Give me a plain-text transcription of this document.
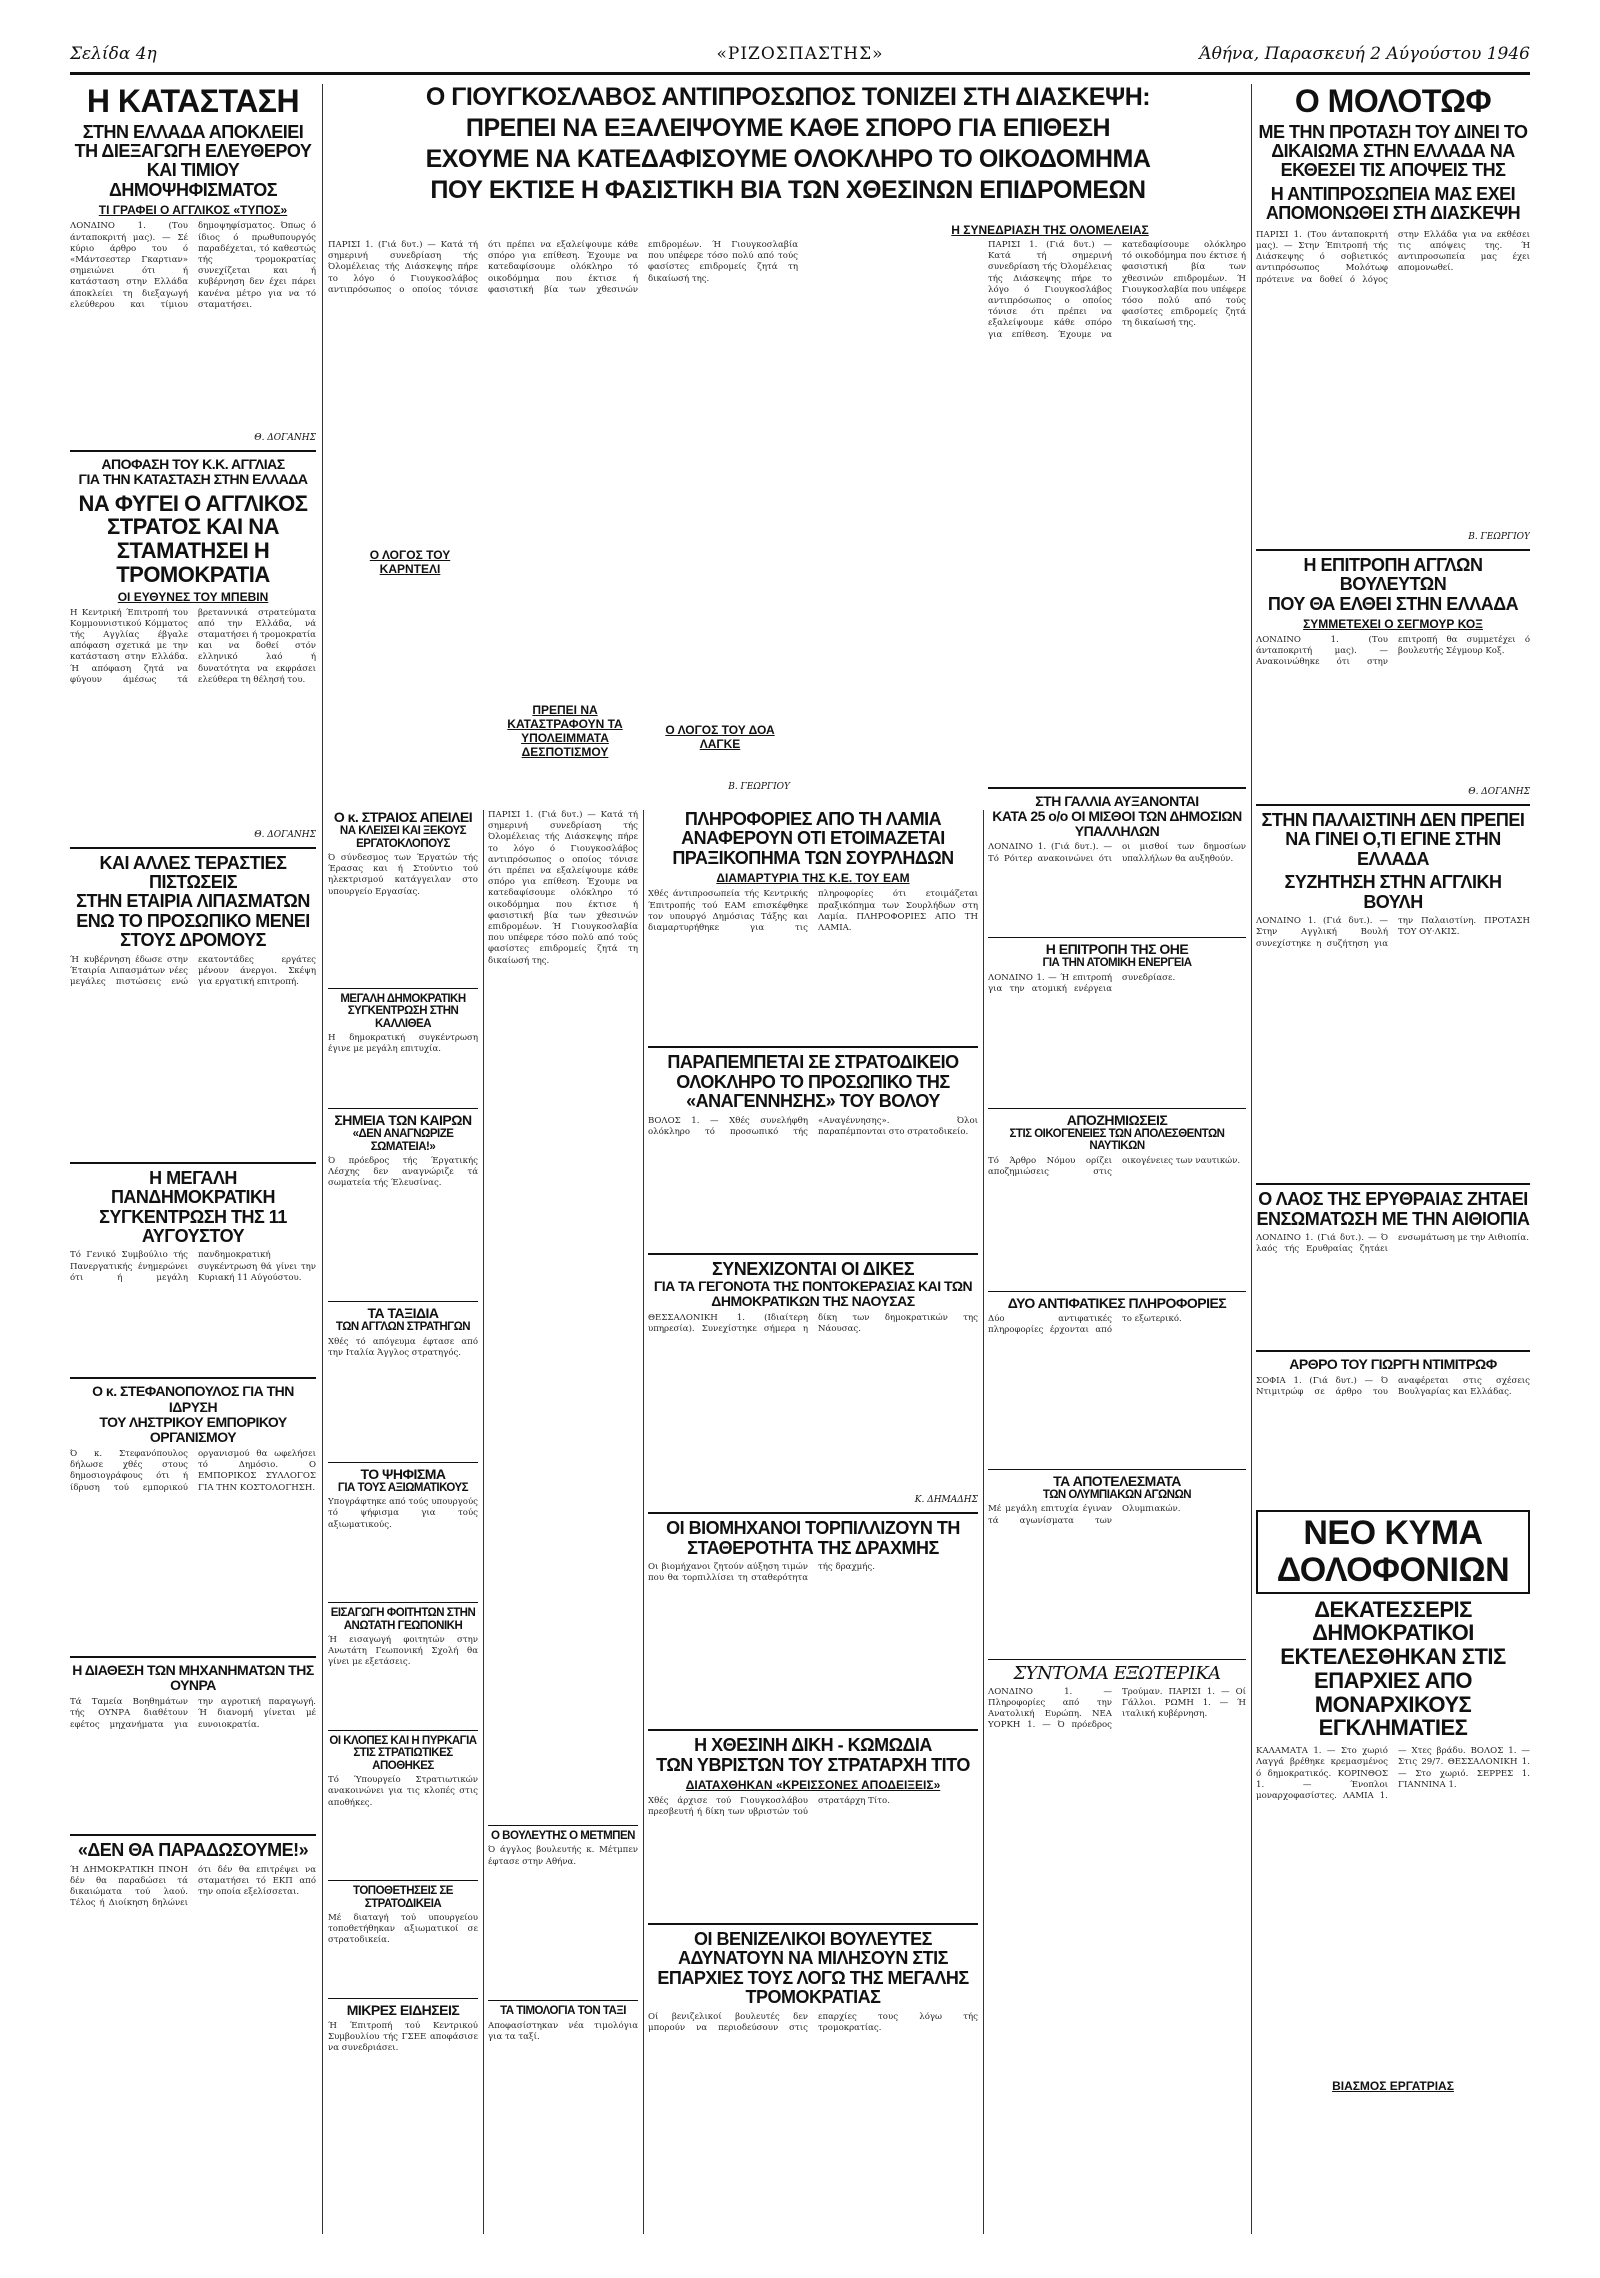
Σελίδα 4η	«ΡΙΖΟΣΠΑΣΤΗΣ»	Άθήνα, Παρασκευή 2 Αύγούστου 1946
Η ΚΑΤΑΣΤΑΣΗ
ΣΤΗΝ ΕΛΛΑΔΑ ΑΠΟΚΛΕΙΕΙ ΤΗ ΔΙΕΞΑΓΩΓΗ ΕΛΕΥΘΕΡΟΥ ΚΑΙ ΤΙΜΙΟΥ ΔΗΜΟΨΗΦΙΣΜΑΤΟΣ
ΤΙ ΓΡΑΦΕΙ Ο ΑΓΓΛΙΚΟΣ «ΤΥΠΟΣ»
ΛΟΝΔΙΝΟ 1. (Του άνταποκριτή μας). — Σέ κύριο άρθρο του ό «Μάντσεστερ Γκαρτιαν» σημειώνει ότι ή κατάσταση στην Ελλάδα άποκλείει τη διεξαγωγή ελεύθερου και τίμιου δημοψηφίσματος. Όπως ό ίδιος ό πρωθυπουργός παραδέχεται, τό καθεστώς τής τρομοκρατίας συνεχίζεται και ή κυβέρνηση δεν έχει πάρει κανένα μέτρο για να τό σταματήσει.
Θ. ΔΟΓΑΝΗΣ
ΑΠΟΦΑΣΗ ΤΟΥ Κ.Κ. ΑΓΓΛΙΑΣ
ΓΙΑ ΤΗΝ ΚΑΤΑΣΤΑΣΗ ΣΤΗΝ ΕΛΛΑΔΑ
ΝΑ ΦΥΓΕΙ Ο ΑΓΓΛΙΚΟΣ ΣΤΡΑΤΟΣ ΚΑΙ ΝΑ ΣΤΑΜΑΤΗΣΕΙ Η ΤΡΟΜΟΚΡΑΤΙΑ
ΟΙ ΕΥΘΥΝΕΣ ΤΟΥ ΜΠΕΒΙΝ
Η Κεντρική Έπιτροπή του Κομμουνιστικού Κόμματος τής Αγγλίας έβγαλε απόφαση σχετικά με την κατάσταση στην Ελλάδα. Ή απόφαση ζητά να φύγουν άμέσως τά βρεταννικά στρατεύματα από την Ελλάδα, νά σταματήσει ή τρομοκρατία και να δοθεί στόν ελληνικό λαό ή δυνατότητα να εκφράσει ελεύθερα τη θέλησή του.
Θ. ΔΟΓΑΝΗΣ
ΚΑΙ ΑΛΛΕΣ ΤΕΡΑΣΤΙΕΣ ΠΙΣΤΩΣΕΙΣ
ΣΤΗΝ ΕΤΑΙΡΙΑ ΛΙΠΑΣΜΑΤΩΝ ΕΝΩ ΤΟ ΠΡΟΣΩΠΙΚΟ ΜΕΝΕΙ ΣΤΟΥΣ ΔΡΟΜΟΥΣ
Ή κυβέρνηση έδωσε στην Έταιρία Λιπασμάτων νέες μεγάλες πιστώσεις ενώ εκατοντάδες εργάτες μένουν άνεργοι. Σκέψη για εργατική επιτροπή.
Η ΜΕΓΑΛΗ ΠΑΝΔΗΜΟΚΡΑΤΙΚΗ
ΣΥΓΚΕΝΤΡΩΣΗ ΤΗΣ 11 ΑΥΓΟΥΣΤΟΥ
Τό Γενικό Συμβούλιο τής Πανεργατικής ένημερώνει ότι ή μεγάλη πανδημοκρατική συγκέντρωση θά γίνει την Κυριακή 11 Αύγούστου.
Ο κ. ΣΤΕΦΑΝΟΠΟΥΛΟΣ ΓΙΑ ΤΗΝ ΙΔΡΥΣΗ
ΤΟΥ ΛΗΣΤΡΙΚΟΥ ΕΜΠΟΡΙΚΟΥ ΟΡΓΑΝΙΣΜΟΥ
Ό κ. Στεφανόπουλος δήλωσε χθές στους δημοσιογράφους ότι ή ίδρυση τού εμπορικού οργανισμού θα ωφελήσει τό Δημόσιο. Ο ΕΜΠΟΡΙΚΟΣ ΣΥΛΛΟΓΟΣ ΓΙΑ ΤΗΝ ΚΟΣΤΟΛΟΓΗΣΗ.
Η ΔΙΑΘΕΣΗ ΤΩΝ ΜΗΧΑΝΗΜΑΤΩΝ ΤΗΣ ΟΥΝΡΑ
Τά Ταμεία Βοηθημάτων τής ΟΥΝΡΑ διαθέτουν εφέτος μηχανήματα για την αγροτική παραγωγή. Ή διανομή γίνεται μέ ευνοιοκρατία.
«ΔΕΝ ΘΑ ΠΑΡΑΔΩΣΟΥΜΕ!»
Ή ΔΗΜΟΚΡΑΤΙΚΗ ΠΝΟΗ δέν θα παραδώσει τά δικαιώματα τού λαού. Τέλος ή Διοίκηση δηλώνει ότι δέν θα επιτρέψει να σταματήσει τό ΕΚΠ από την οποία εξελίσσεται.
Ο ΓΙΟΥΓΚΟΣΛΑΒΟΣ ΑΝΤΙΠΡΟΣΩΠΟΣ ΤΟΝΙΖΕΙ ΣΤΗ ΔΙΑΣΚΕΨΗ:
ΠΡΕΠΕΙ ΝΑ ΕΞΑΛΕΙΨΟΥΜΕ ΚΑΘΕ ΣΠΟΡΟ ΓΙΑ ΕΠΙΘΕΣΗ
ΕΧΟΥΜΕ ΝΑ ΚΑΤΕΔΑΦΙΣΟΥΜΕ ΟΛΟΚΛΗΡΟ ΤΟ ΟΙΚΟΔΟΜΗΜΑ
ΠΟΥ ΕΚΤΙΣΕ Η ΦΑΣΙΣΤΙΚΗ ΒΙΑ ΤΩΝ ΧΘΕΣΙΝΩΝ ΕΠΙΔΡΟΜΕΩΝ
Η ΣΥΝΕΔΡΙΑΣΗ ΤΗΣ ΟΛΟΜΕΛΕΙΑΣ
ΠΑΡΙΣΙ 1. (Γιά δυτ.) — Κατά τή σημερινή συνεδρίαση τής Όλομέλειας τής Διάσκεψης πήρε το λόγο ό Γιουγκοσλάβος αντιπρόσωπος ο οποίος τόνισε ότι πρέπει να εξαλείψουμε κάθε σπόρο για επίθεση. Έχουμε να κατεδαφίσουμε ολόκληρο τό οικοδόμημα που έκτισε ή φασιστική βία των χθεσινών επιδρομέων. Ή Γιουγκοσλαβία που υπέφερε τόσο πολύ από τούς φασίστες επιδρομείς ζητά τη δικαίωσή της.
Ο ΛΟΓΟΣ ΤΟΥ ΚΑΡΝΤΕΛΙ
ΠΡΕΠΕΙ ΝΑ ΚΑΤΑΣΤΡΑΦΟΥΝ ΤΑ ΥΠΟΛΕΙΜΜΑΤΑ ΔΕΣΠΟΤΙΣΜΟΥ
Ο ΛΟΓΟΣ ΤΟΥ ΔΟΑ ΛΑΓΚΕ
Β. ΓΕΩΡΓΙΟΥ
Ο κ. ΣΤΡΑΙΟΣ ΑΠΕΙΛΕΙ
ΝΑ ΚΛΕΙΣΕΙ ΚΑΙ ΞΕΚΟΥΣ ΕΡΓΑΤΟΚΛΟΠΟΥΣ
Ό σύνδεσμος των Έργατών τής Έρασας και ή Στούντιο τού ηλεκτρισμού κατάγγειλαν στο υπουργείο Εργασίας.
ΜΕΓΑΛΗ ΔΗΜΟΚΡΑΤΙΚΗ ΣΥΓΚΕΝΤΡΩΣΗ ΣΤΗΝ ΚΑΛΛΙΘΕΑ
Η δημοκρατική συγκέντρωση έγινε με μεγάλη επιτυχία.
ΣΗΜΕΙΑ ΤΩΝ ΚΑΙΡΩΝ
«ΔΕΝ ΑΝΑΓΝΩΡΙΖΕ ΣΩΜΑΤΕΙΑ!»
Ό πρόεδρος τής Έργατικής Λέσχης δεν αναγνώριζε τά σωματεία τής Έλευσίνας.
ΤΑ ΤΑΞΙΔΙΑ
ΤΩΝ ΑΓΓΛΩΝ ΣΤΡΑΤΗΓΩΝ
Χθές τό απόγευμα έφτασε από την Ιταλία Άγγλος στρατηγός.
ΤΟ ΨΗΦΙΣΜΑ
ΓΙΑ ΤΟΥΣ ΑΞΙΩΜΑΤΙΚΟΥΣ
Υπογράφτηκε από τούς υπουργούς τό ψήφισμα για τούς αξιωματικούς.
ΕΙΣΑΓΩΓΗ ΦΟΙΤΗΤΩΝ ΣΤΗΝ ΑΝΩΤΑΤΗ ΓΕΩΠΟΝΙΚΗ
Ή εισαγωγή φοιτητών στην Ανωτάτη Γεωπονική Σχολή θα γίνει με εξετάσεις.
ΟΙ ΚΛΟΠΕΣ ΚΑΙ Η ΠΥΡΚΑΓΙΑ ΣΤΙΣ ΣΤΡΑΤΙΩΤΙΚΕΣ ΑΠΟΘΗΚΕΣ
Τό Ύπουργείο Στρατιωτικών ανακοινώνει για τις κλοπές στις αποθήκες.
ΤΟΠΟΘΕΤΗΣΕΙΣ ΣΕ ΣΤΡΑΤΟΔΙΚΕΙΑ
Μέ διαταγή τού υπουργείου τοποθετήθηκαν αξιωματικοί σε στρατοδικεία.
ΜΙΚΡΕΣ ΕΙΔΗΣΕΙΣ
Ή Έπιτροπή τού Κεντρικού Συμβουλίου τής ΓΣΕΕ αποφάσισε να συνεδριάσει.
ΠΑΡΙΣΙ 1. (Γιά δυτ.) — Κατά τή σημερινή συνεδρίαση τής Όλομέλειας τής Διάσκεψης πήρε το λόγο ό Γιουγκοσλάβος αντιπρόσωπος ο οποίος τόνισε ότι πρέπει να εξαλείψουμε κάθε σπόρο για επίθεση. Έχουμε να κατεδαφίσουμε ολόκληρο τό οικοδόμημα που έκτισε ή φασιστική βία των χθεσινών επιδρομέων. Ή Γιουγκοσλαβία που υπέφερε τόσο πολύ από τούς φασίστες επιδρομείς ζητά τη δικαίωσή της.
Ο ΒΟΥΛΕΥΤΗΣ Ο ΜΕΤΜΠΕΝ
Ό άγγλος βουλευτής κ. Μέτμπεν έφτασε στην Αθήνα.
ΤΑ ΤΙΜΟΛΟΓΙΑ ΤΟΝ ΤΑΞΙ
Αποφασίστηκαν νέα τιμολόγια για τα ταξί.
ΠΛΗΡΟΦΟΡΙΕΣ ΑΠΟ ΤΗ ΛΑΜΙΑ
ΑΝΑΦΕΡΟΥΝ ΟΤΙ ΕΤΟΙΜΑΖΕΤΑΙ ΠΡΑΞΙΚΟΠΗΜΑ ΤΩΝ ΣΟΥΡΛΗΔΩΝ
ΔΙΑΜΑΡΤΥΡΙΑ ΤΗΣ Κ.Ε. ΤΟΥ ΕΑΜ
Χθές άντιπροσωπεία τής Κεντρικής Έπιτροπής τού ΕΑΜ επισκέφθηκε τον υπουργό Δημόσιας Τάξης και διαμαρτυρήθηκε για τις πληροφορίες ότι ετοιμάζεται πραξικόπημα των Σουρλήδων στη Λαμία. ΠΛΗΡΟΦΟΡΙΕΣ ΑΠΟ ΤΗ ΛΑΜΙΑ.
ΠΑΡΑΠΕΜΠΕΤΑΙ ΣΕ ΣΤΡΑΤΟΔΙΚΕΙΟ ΟΛΟΚΛΗΡΟ ΤΟ ΠΡΟΣΩΠΙΚΟ ΤΗΣ «ΑΝΑΓΕΝΝΗΣΗΣ» ΤΟΥ ΒΟΛΟΥ
ΒΟΛΟΣ 1. — Χθές συνελήφθη ολόκληρο τό προσωπικό τής «Αναγέννησης». Όλοι παραπέμπονται στο στρατοδικείο.
ΣΥΝΕΧΙΖΟΝΤΑΙ ΟΙ ΔΙΚΕΣ
ΓΙΑ ΤΑ ΓΕΓΟΝΟΤΑ ΤΗΣ ΠΟΝΤΟΚΕΡΑΣΙΑΣ ΚΑΙ ΤΩΝ ΔΗΜΟΚΡΑΤΙΚΩΝ ΤΗΣ ΝΑΟΥΣΑΣ
ΘΕΣΣΑΛΟΝΙΚΗ 1. (Ιδιαίτερη υπηρεσία). Συνεχίστηκε σήμερα η δίκη των δημοκρατικών της Νάουσας.
Κ. ΔΗΜΑΔΗΣ
ΟΙ ΒΙΟΜΗΧΑΝΟΙ ΤΟΡΠΙΛΛΙΖΟΥΝ ΤΗ ΣΤΑΘΕΡΟΤΗΤΑ ΤΗΣ ΔΡΑΧΜΗΣ
Οι βιομήχανοι ζητούν αύξηση τιμών που θα τορπιλλίσει τη σταθερότητα τής δραχμής.
Η ΧΘΕΣΙΝΗ ΔΙΚΗ - ΚΩΜΩΔΙΑ
ΤΩΝ ΥΒΡΙΣΤΩΝ ΤΟΥ ΣΤΡΑΤΑΡΧΗ ΤΙΤΟ
ΔΙΑΤΑΧΘΗΚΑΝ «ΚΡΕΙΣΣΟΝΕΣ ΑΠΟΔΕΙΞΕΙΣ»
Χθές άρχισε τού Γιουγκοσλάβου πρεσβευτή ή δίκη των υβριστών τού στρατάρχη Τίτο.
ΟΙ ΒΕΝΙΖΕΛΙΚΟΙ ΒΟΥΛΕΥΤΕΣ ΑΔΥΝΑΤΟΥΝ ΝΑ ΜΙΛΗΣΟΥΝ ΣΤΙΣ ΕΠΑΡΧΙΕΣ ΤΟΥΣ ΛΟΓΩ ΤΗΣ ΜΕΓΑΛΗΣ ΤΡΟΜΟΚΡΑΤΙΑΣ
Οί βενιζελικοί βουλευτές δεν μπορούν να περιοδεύσουν στις επαρχίες τους λόγω τής τρομοκρατίας.
ΠΑΡΙΣΙ 1. (Γιά δυτ.) — Κατά τή σημερινή συνεδρίαση τής Όλομέλειας τής Διάσκεψης πήρε το λόγο ό Γιουγκοσλάβος αντιπρόσωπος ο οποίος τόνισε ότι πρέπει να εξαλείψουμε κάθε σπόρο για επίθεση. Έχουμε να κατεδαφίσουμε ολόκληρο τό οικοδόμημα που έκτισε ή φασιστική βία των χθεσινών επιδρομέων. Ή Γιουγκοσλαβία που υπέφερε τόσο πολύ από τούς φασίστες επιδρομείς ζητά τη δικαίωσή της.
ΣΤΗ ΓΑΛΛΙΑ ΑΥΞΑΝΟΝΤΑΙ
ΚΑΤΑ 25 ο/ο ΟΙ ΜΙΣΘΟΙ ΤΩΝ ΔΗΜΟΣΙΩΝ ΥΠΑΛΛΗΛΩΝ
ΛΟΝΔΙΝΟ 1. (Γιά δυτ.). — Τό Ρόιτερ ανακοινώνει ότι οι μισθοί των δημοσίων υπαλλήλων θα αυξηθούν.
Η ΕΠΙΤΡΟΠΗ ΤΗΣ ΟΗΕ
ΓΙΑ ΤΗΝ ΑΤΟΜΙΚΗ ΕΝΕΡΓΕΙΑ
ΛΟΝΔΙΝΟ 1. — Ή επιτροπή για την ατομική ενέργεια συνεδρίασε.
ΑΠΟΖΗΜΙΩΣΕΙΣ
ΣΤΙΣ ΟΙΚΟΓΕΝΕΙΕΣ ΤΩΝ ΑΠΟΛΕΣΘΕΝΤΩΝ ΝΑΥΤΙΚΩΝ
Τό Άρθρο Νόμου ορίζει αποζημιώσεις στις οικογένειες των ναυτικών.
ΔΥΟ ΑΝΤΙΦΑΤΙΚΕΣ ΠΛΗΡΟΦΟΡΙΕΣ
Δύο αντιφατικές πληροφορίες έρχονται από το εξωτερικό.
ΤΑ ΑΠΟΤΕΛΕΣΜΑΤΑ
ΤΩΝ ΟΛΥΜΠΙΑΚΩΝ ΑΓΩΝΩΝ
Μέ μεγάλη επιτυχία έγιναν τά αγωνίσματα των Ολυμπιακών.
ΣΥΝΤΟΜΑ ΕΞΩΤΕΡΙΚΑ
ΛΟΝΔΙΝΟ 1. — Πληροφορίες από την Ανατολική Ευρώπη. ΝΕΑ ΥΟΡΚΗ 1. — Ό πρόεδρος Τρούμαν. ΠΑΡΙΣΙ 1. — Οί Γάλλοι. ΡΩΜΗ 1. — Ή ιταλική κυβέρνηση.
Ο ΜΟΛΟΤΩΦ
ΜΕ ΤΗΝ ΠΡΟΤΑΣΗ ΤΟΥ ΔΙΝΕΙ ΤΟ ΔΙΚΑΙΩΜΑ ΣΤΗΝ ΕΛΛΑΔΑ ΝΑ ΕΚΘΕΣΕΙ ΤΙΣ ΑΠΟΨΕΙΣ ΤΗΣ
Η ΑΝΤΙΠΡΟΣΩΠΕΙΑ ΜΑΣ ΕΧΕΙ ΑΠΟΜΟΝΩΘΕΙ ΣΤΗ ΔΙΑΣΚΕΨΗ
ΠΑΡΙΣΙ 1. (Του άνταποκριτή μας). — Στην Έπιτροπή τής Διάσκεψης ό σοβιετικός αντιπρόσωπος Μολότωφ πρότεινε να δοθεί ό λόγος στην Ελλάδα για να εκθέσει τις απόψεις της. Ή αντιπροσωπεία μας έχει απομονωθεί.
Β. ΓΕΩΡΓΙΟΥ
Η ΕΠΙΤΡΟΠΗ ΑΓΓΛΩΝ ΒΟΥΛΕΥΤΩΝ
ΠΟΥ ΘΑ ΕΛΘΕΙ ΣΤΗΝ ΕΛΛΑΔΑ
ΣΥΜΜΕΤΕΧΕΙ Ο ΣΕΓΜΟΥΡ ΚΟΞ
ΛΟΝΔΙΝΟ 1. (Του άνταποκριτή μας). — Ανακοινώθηκε ότι στην επιτροπή θα συμμετέχει ό βουλευτής Σέγμουρ Κοξ.
Θ. ΔΟΓΑΝΗΣ
ΣΤΗΝ ΠΑΛΑΙΣΤΙΝΗ ΔΕΝ ΠΡΕΠΕΙ
ΝΑ ΓΙΝΕΙ Ο,ΤΙ ΕΓΙΝΕ ΣΤΗΝ ΕΛΛΑΔΑ
ΣΥΖΗΤΗΣΗ ΣΤΗΝ ΑΓΓΛΙΚΗ ΒΟΥΛΗ
ΛΟΝΔΙΝΟ 1. (Γιά δυτ.). — Στην Αγγλική Βουλή συνεχίστηκε η συζήτηση για την Παλαιστίνη. ΠΡΟΤΑΣΗ ΤΟΥ ΟΥ·ΛΚΙΣ.
Ο ΛΑΟΣ ΤΗΣ ΕΡΥΘΡΑΙΑΣ ΖΗΤΑΕΙ
ΕΝΣΩΜΑΤΩΣΗ ΜΕ ΤΗΝ ΑΙΘΙΟΠΙΑ
ΛΟΝΔΙΝΟ 1. (Γιά δυτ.). — Ό λαός τής Ερυθραίας ζητάει ενσωμάτωση με την Αιθιοπία.
ΑΡΘΡΟ ΤΟΥ ΓΙΩΡΓΗ ΝΤΙΜΙΤΡΩΦ
ΣΟΦΙΑ 1. (Γιά δυτ.) — Ό Ντιμιτρώφ σε άρθρο του αναφέρεται στις σχέσεις Βουλγαρίας και Ελλάδας.
ΝΕΟ ΚΥΜΑ ΔΟΛΟΦΟΝΙΩΝ
ΔΕΚΑΤΕΣΣΕΡΙΣ ΔΗΜΟΚΡΑΤΙΚΟΙ ΕΚΤΕΛΕΣΘΗΚΑΝ ΣΤΙΣ ΕΠΑΡΧΙΕΣ ΑΠΟ ΜΟΝΑΡΧΙΚΟΥΣ ΕΓΚΛΗΜΑΤΙΕΣ
ΚΑΛΑΜΑΤΑ 1. — Στο χωριό Λαγγά βρέθηκε κρεμασμένος ό δημοκρατικός. ΚΟΡΙΝΘΟΣ 1. — Ένοπλοι μοναρχοφασίστες. ΛΑΜΙΑ 1. — Χτες βράδυ. ΒΟΛΟΣ 1. — Στις 29/7. ΘΕΣΣΑΛΟΝΙΚΗ 1. — Στο χωριό. ΣΕΡΡΕΣ 1. ΓΙΑΝΝΙΝΑ 1.
ΒΙΑΣΜΟΣ ΕΡΓΑΤΡΙΑΣ
